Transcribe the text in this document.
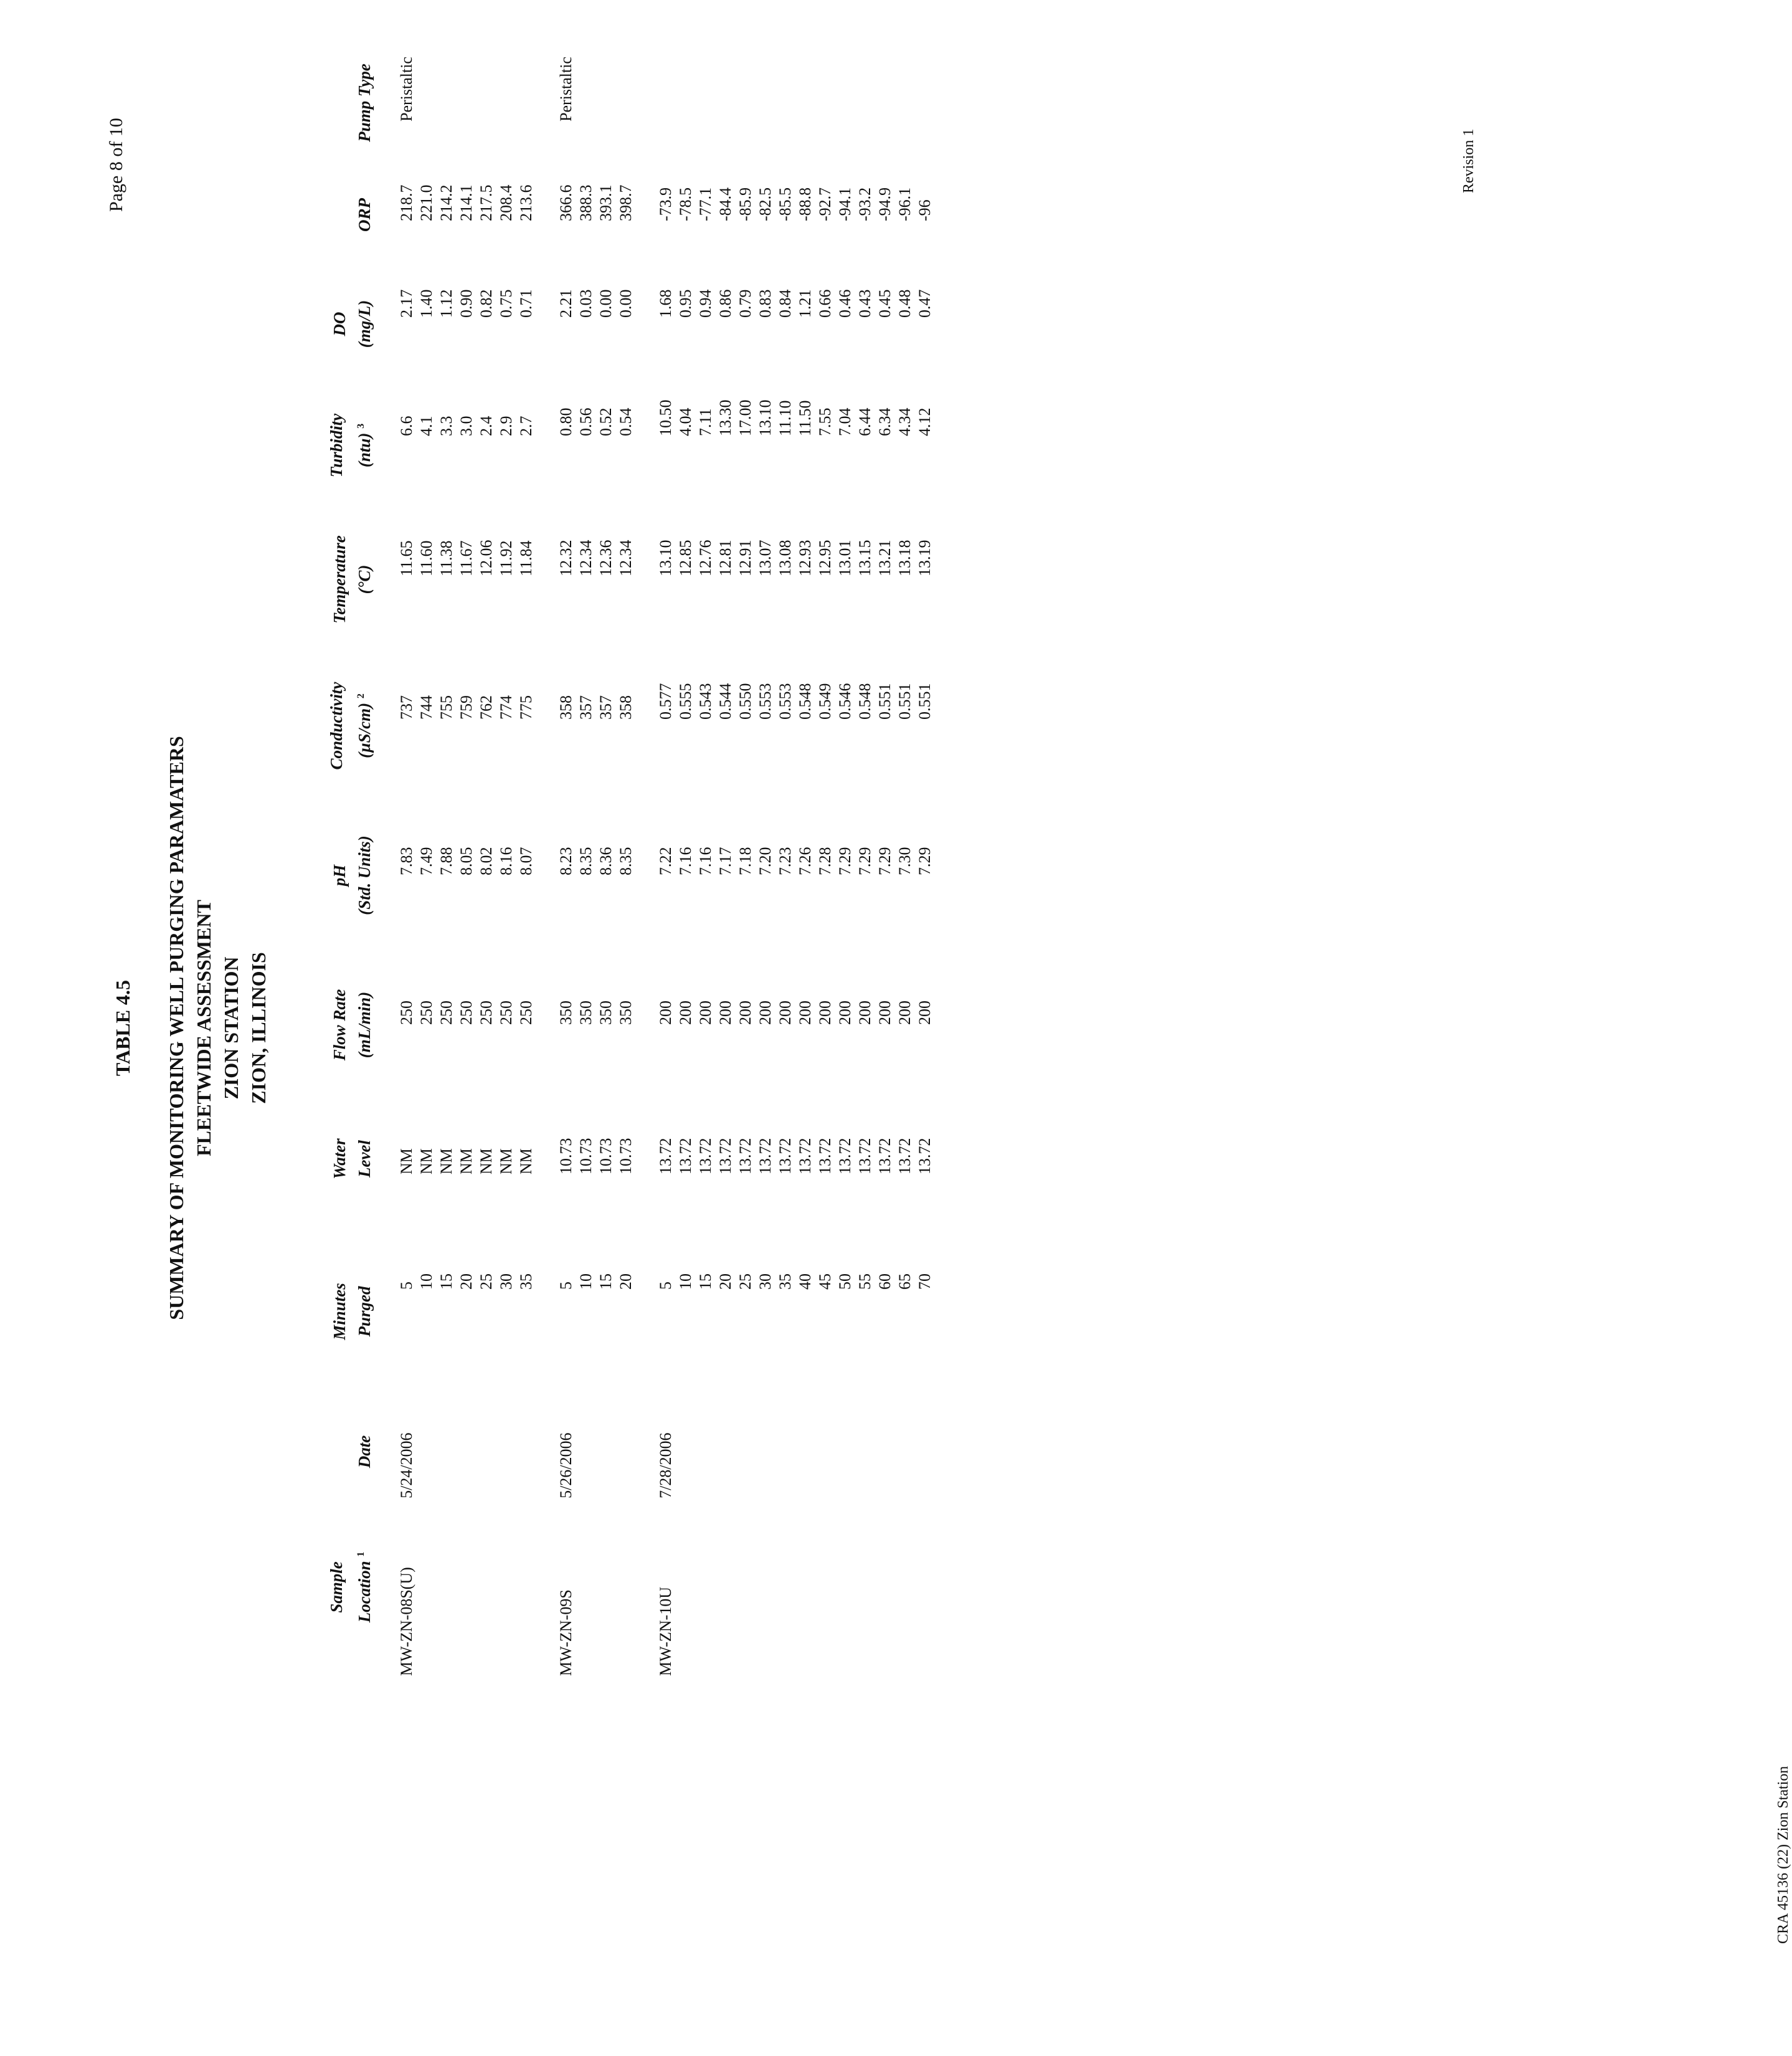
Page 8 of 10	Revision 1
CRA 45136 (22) Zion Station
TABLE 4.5 SUMMARY OF MONITORING WELL PURGING PARAMATERS FLEETWIDE ASSESSMENT ZION STATION ZION, ILLINOIS
Sample Location $^1$	Date	Minutes Purged	Water Level	Flow Rate (mL/min)	pH (Std. Units)	Conductivity (µS/cm) $^2$	Temperature (°C)	Turbidity (ntu) $^3$	DO (mg/L)	ORP	Pump Type

MW-ZN-08S(U)	5/24/2006	5	NM	250	7.83	737	11.65	6.6	2.17	218.7	Peristaltic
		10	NM	250	7.49	744	11.60	4.1	1.40	221.0	
		15	NM	250	7.88	755	11.38	3.3	1.12	214.2	
		20	NM	250	8.05	759	11.67	3.0	0.90	214.1	
		25	NM	250	8.02	762	12.06	2.4	0.82	217.5	
		30	NM	250	8.16	774	11.92	2.9	0.75	208.4	
		35	NM	250	8.07	775	11.84	2.7	0.71	213.6	

MW-ZN-09S	5/26/2006	5	10.73	350	8.23	358	12.32	0.80	2.21	366.6	Peristaltic
		10	10.73	350	8.35	357	12.34	0.56	0.03	388.3	
		15	10.73	350	8.36	357	12.36	0.52	0.00	393.1	
		20	10.73	350	8.35	358	12.34	0.54	0.00	398.7	

MW-ZN-10U	7/28/2006	5	13.72	200	7.22	0.577	13.10	10.50	1.68	-73.9	
		10	13.72	200	7.16	0.555	12.85	4.04	0.95	-78.5	
		15	13.72	200	7.16	0.543	12.76	7.11	0.94	-77.1	
		20	13.72	200	7.17	0.544	12.81	13.30	0.86	-84.4	
		25	13.72	200	7.18	0.550	12.91	17.00	0.79	-85.9	
		30	13.72	200	7.20	0.553	13.07	13.10	0.83	-82.5	
		35	13.72	200	7.23	0.553	13.08	11.10	0.84	-85.5	
		40	13.72	200	7.26	0.548	12.93	11.50	1.21	-88.8	
		45	13.72	200	7.28	0.549	12.95	7.55	0.66	-92.7	
		50	13.72	200	7.29	0.546	13.01	7.04	0.46	-94.1	
		55	13.72	200	7.29	0.548	13.15	6.44	0.43	-93.2	
		60	13.72	200	7.29	0.551	13.21	6.34	0.45	-94.9	
		65	13.72	200	7.30	0.551	13.18	4.34	0.48	-96.1	
		70	13.72	200	7.29	0.551	13.19	4.12	0.47	-96	
